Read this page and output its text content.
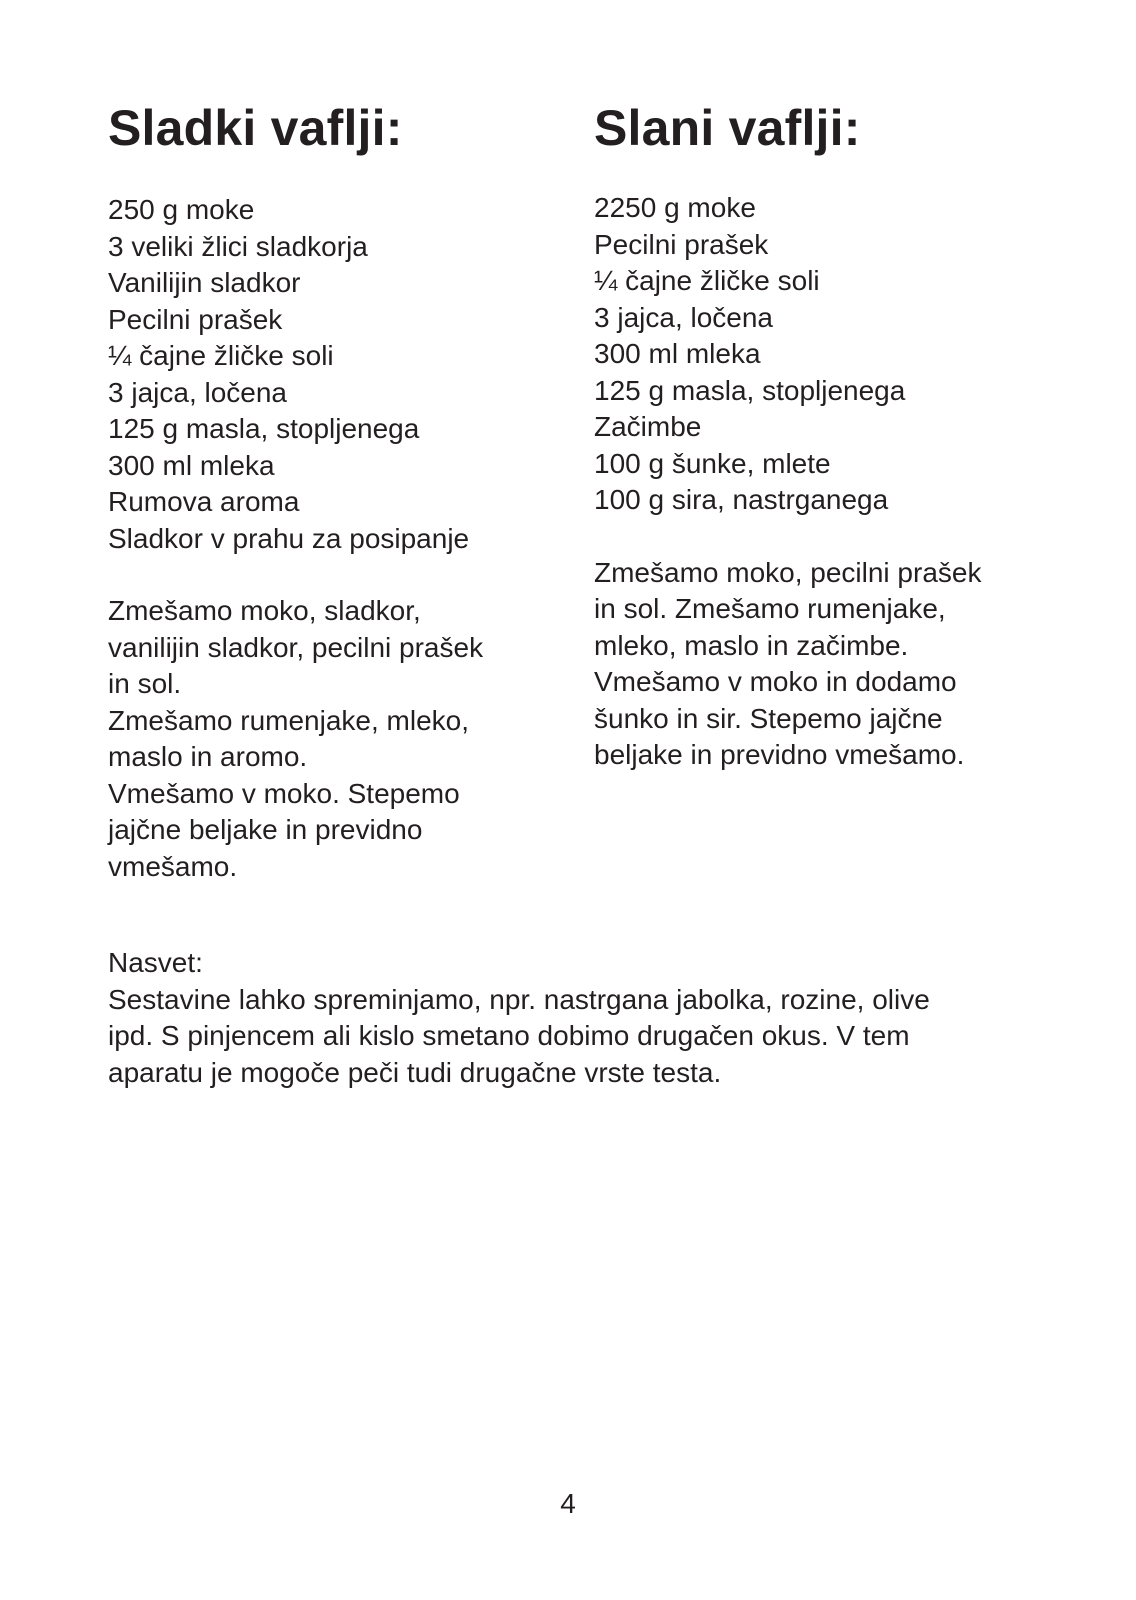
Sladki vaflji:
250 g moke
3 veliki žlici sladkorja
Vanilijin sladkor
Pecilni prašek
¼ čajne žličke soli
3 jajca, ločena
125 g masla, stopljenega
300 ml mleka
Rumova aroma
Sladkor v prahu za posipanje

Zmešamo moko, sladkor,

vanilijin sladkor, pecilni prašek

in sol.

Zmešamo rumenjake, mleko,

maslo in aromo.

Vmešamo v moko. Stepemo

jajčne beljake in previdno

vmešamo.

Slani vaflji:
2250 g moke
Pecilni prašek
¼ čajne žličke soli
3 jajca, ločena
300 ml mleka
125 g masla, stopljenega
Začimbe
100 g šunke, mlete
100 g sira, nastrganega

Zmešamo moko, pecilni prašek

in sol. Zmešamo rumenjake,

mleko, maslo in začimbe.

Vmešamo v moko in dodamo

šunko in sir. Stepemo jajčne

beljake in previdno vmešamo.

Nasvet:

Sestavine lahko spreminjamo, npr. nastrgana jabolka, rozine, olive

ipd. S pinjencem ali kislo smetano dobimo drugačen okus. V tem

aparatu je mogoče peči tudi drugačne vrste testa.

4
